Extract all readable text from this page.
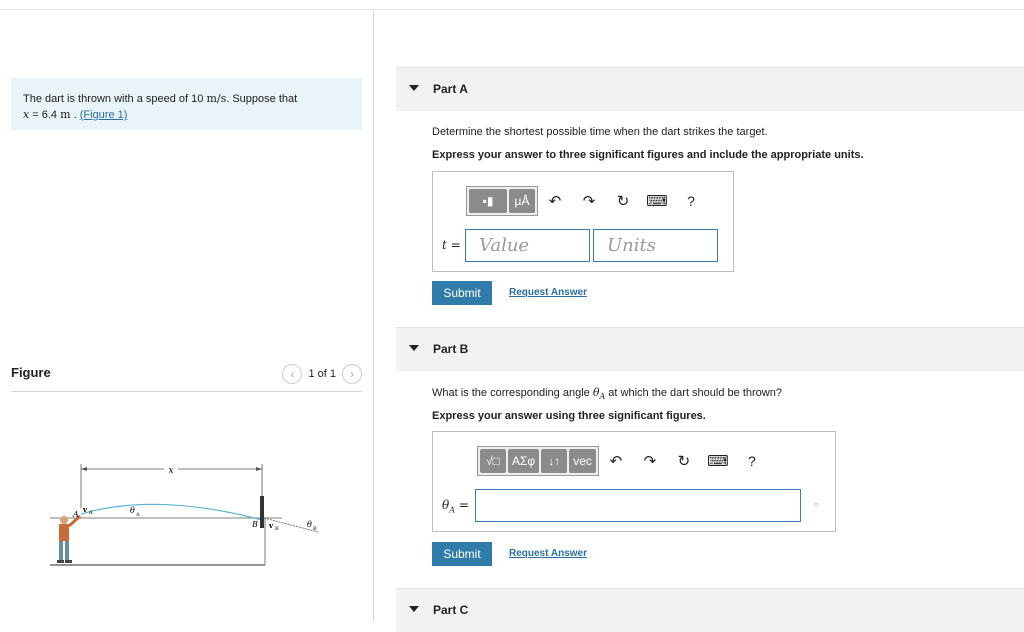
The dart is thrown with a speed of 10 m/s. Suppose that
x = 6.4 m . (Figure 1)
Figure	‹	1 of 1	›
x
A
v A	θ A
B v B	θ B
Part A
Determine the shortest possible time when the dart strikes the target.
Express your answer to three significant figures and include the appropriate units.
▪▮	μÅ	↶	↷	↻	⌨	?
t =	Value	Units
Submit	Request Answer
Part B
What is the corresponding angle $\theta_A$ at which the dart should be thrown?
Express your answer using three significant figures.
√□	ΑΣφ	↓↑	vec	↶	↷	↻	⌨	?
$\theta_A$ =	○
Submit	Request Answer
Part C
